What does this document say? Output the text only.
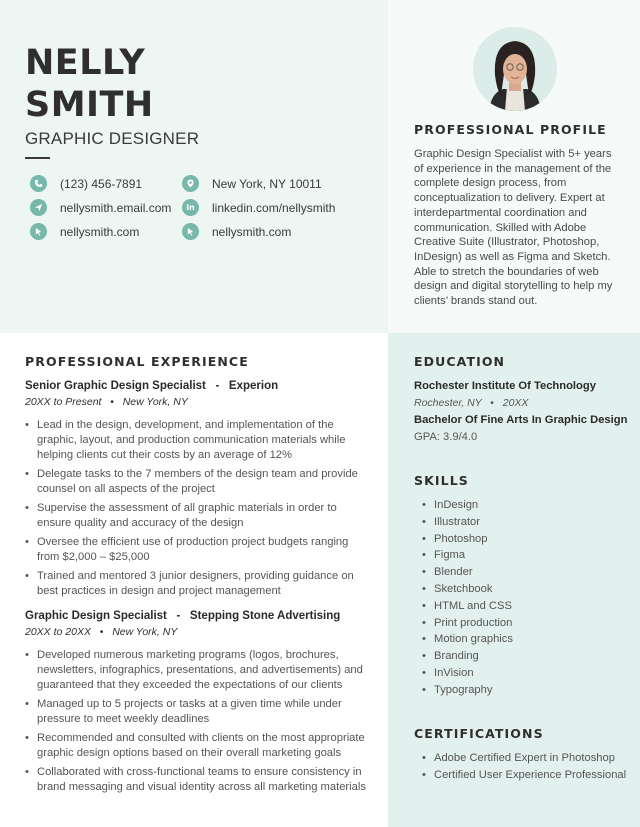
NELLY
SMITH
GRAPHIC DESIGNER
(123) 456-7891
nellysmith.email.com
nellysmith.com
New York, NY 10011
in	linkedin.com/nellysmith
nellysmith.com
PROFESSIONAL PROFILE
Graphic Design Specialist with 5+ years of experience in the management of the complete design process, from conceptualization to delivery. Expert at interdepartmental coordination and communication. Skilled with Adobe Creative Suite (Illustrator, Photoshop, InDesign) as well as Figma and Sketch. Able to stretch the boundaries of web design and digital storytelling to help my clients’ brands stand out.
PROFESSIONAL EXPERIENCE
Senior Graphic Design Specialist - Experion
20XX to Present • New York, NY
• Lead in the design, development, and implementation of the graphic, layout, and production communication materials while helping clients cut their costs by an average of 12%
• Delegate tasks to the 7 members of the design team and provide counsel on all aspects of the project
• Supervise the assessment of all graphic materials in order to ensure quality and accuracy of the design
• Oversee the efficient use of production project budgets ranging from $2,000 – $25,000
• Trained and mentored 3 junior designers, providing guidance on best practices in design and project management
Graphic Design Specialist - Stepping Stone Advertising
20XX to 20XX • New York, NY
• Developed numerous marketing programs (logos, brochures, newsletters, infographics, presentations, and advertisements) and guaranteed that they exceeded the expectations of our clients
• Managed up to 5 projects or tasks at a given time while under pressure to meet weekly deadlines
• Recommended and consulted with clients on the most appropriate graphic design options based on their overall marketing goals
• Collaborated with cross-functional teams to ensure consistency in brand messaging and visual identity across all marketing materials
EDUCATION
Rochester Institute Of Technology
Rochester, NY • 20XX
Bachelor Of Fine Arts In Graphic Design
GPA: 3.9/4.0
SKILLS
• InDesign
• Illustrator
• Photoshop
• Figma
• Blender
• Sketchbook
• HTML and CSS
• Print production
• Motion graphics
• Branding
• InVision
• Typography
CERTIFICATIONS
• Adobe Certified Expert in Photoshop
• Certified User Experience Professional
